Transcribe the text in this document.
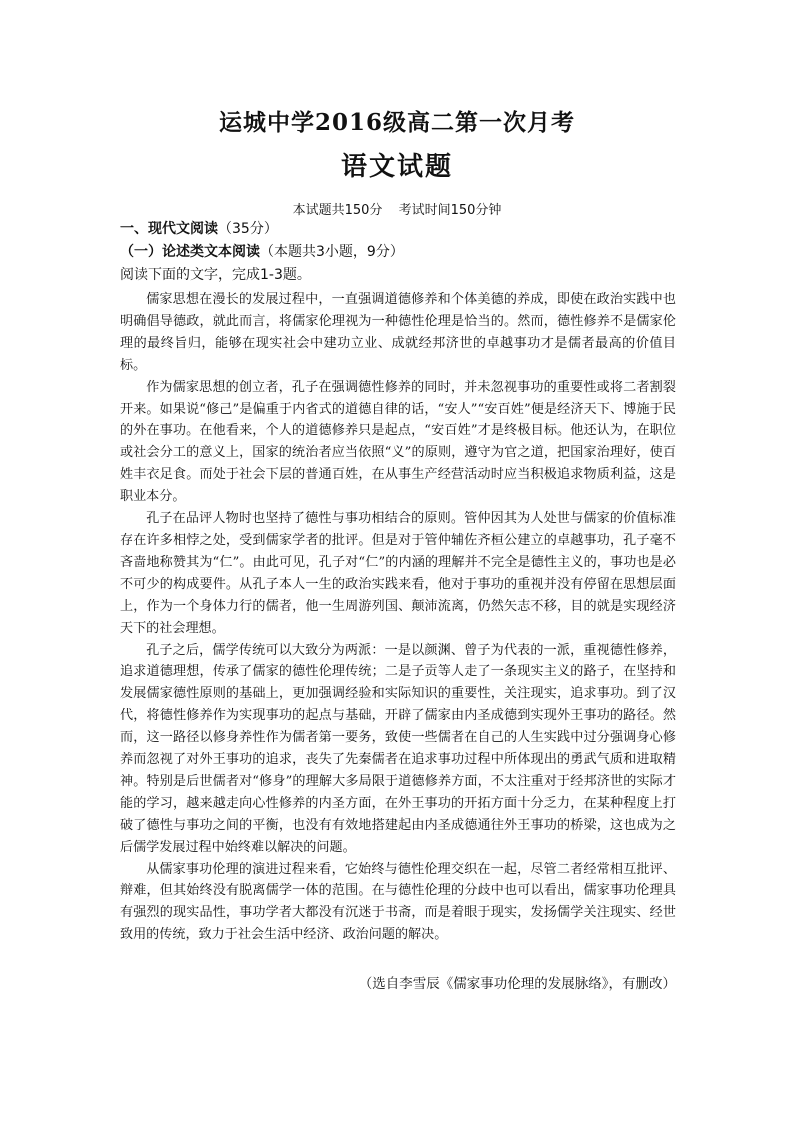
运城中学2016级高二第一次月考
语文试题
本试题共150分 考试时间150分钟
一、现代文阅读（35分）
（一）论述类文本阅读（本题共3小题，9分）
阅读下面的文字，完成1-3题。

儒家思想在漫长的发展过程中，一直强调道德修养和个体美德的养成，即使在政治实践中也明确倡导德政，就此而言，将儒家伦理视为一种德性伦理是恰当的。然而，德性修养不是儒家伦理的最终旨归，能够在现实社会中建功立业、成就经邦济世的卓越事功才是儒者最高的价值目标。

作为儒家思想的创立者，孔子在强调德性修养的同时，并未忽视事功的重要性或将二者割裂开来。如果说“修己”是偏重于内省式的道德自律的话，“安人”“安百姓”便是经济天下、博施于民的外在事功。在他看来，个人的道德修养只是起点，“安百姓”才是终极目标。他还认为，在职位或社会分工的意义上，国家的统治者应当依照“义”的原则，遵守为官之道，把国家治理好，使百姓丰衣足食。而处于社会下层的普通百姓，在从事生产经营活动时应当积极追求物质利益，这是职业本分。

孔子在品评人物时也坚持了德性与事功相结合的原则。管仲因其为人处世与儒家的价值标准存在许多相悖之处，受到儒家学者的批评。但是对于管仲辅佐齐桓公建立的卓越事功，孔子毫不吝啬地称赞其为“仁”。由此可见，孔子对“仁”的内涵的理解并不完全是德性主义的，事功也是必不可少的构成要件。从孔子本人一生的政治实践来看，他对于事功的重视并没有停留在思想层面上，作为一个身体力行的儒者，他一生周游列国、颠沛流离，仍然矢志不移，目的就是实现经济天下的社会理想。

孔子之后，儒学传统可以大致分为两派：一是以颜渊、曾子为代表的一派，重视德性修养，追求道德理想，传承了儒家的德性伦理传统；二是子贡等人走了一条现实主义的路子，在坚持和发展儒家德性原则的基础上，更加强调经验和实际知识的重要性，关注现实，追求事功。到了汉代，将德性修养作为实现事功的起点与基础，开辟了儒家由内圣成德到实现外王事功的路径。然而，这一路径以修身养性作为儒者第一要务，致使一些儒者在自己的人生实践中过分强调身心修养而忽视了对外王事功的追求，丧失了先秦儒者在追求事功过程中所体现出的勇武气质和进取精神。特别是后世儒者对“修身”的理解大多局限于道德修养方面，不太注重对于经邦济世的实际才能的学习，越来越走向心性修养的内圣方面，在外王事功的开拓方面十分乏力，在某种程度上打破了德性与事功之间的平衡，也没有有效地搭建起由内圣成德通往外王事功的桥梁，这也成为之后儒学发展过程中始终难以解决的问题。

从儒家事功伦理的演进过程来看，它始终与德性伦理交织在一起，尽管二者经常相互批评、辩难，但其始终没有脱离儒学一体的范围。在与德性伦理的分歧中也可以看出，儒家事功伦理具有强烈的现实品性，事功学者大都没有沉迷于书斋，而是着眼于现实，发扬儒学关注现实、经世致用的传统，致力于社会生活中经济、政治问题的解决。

（选自李雪辰《儒家事功伦理的发展脉络》，有删改）
